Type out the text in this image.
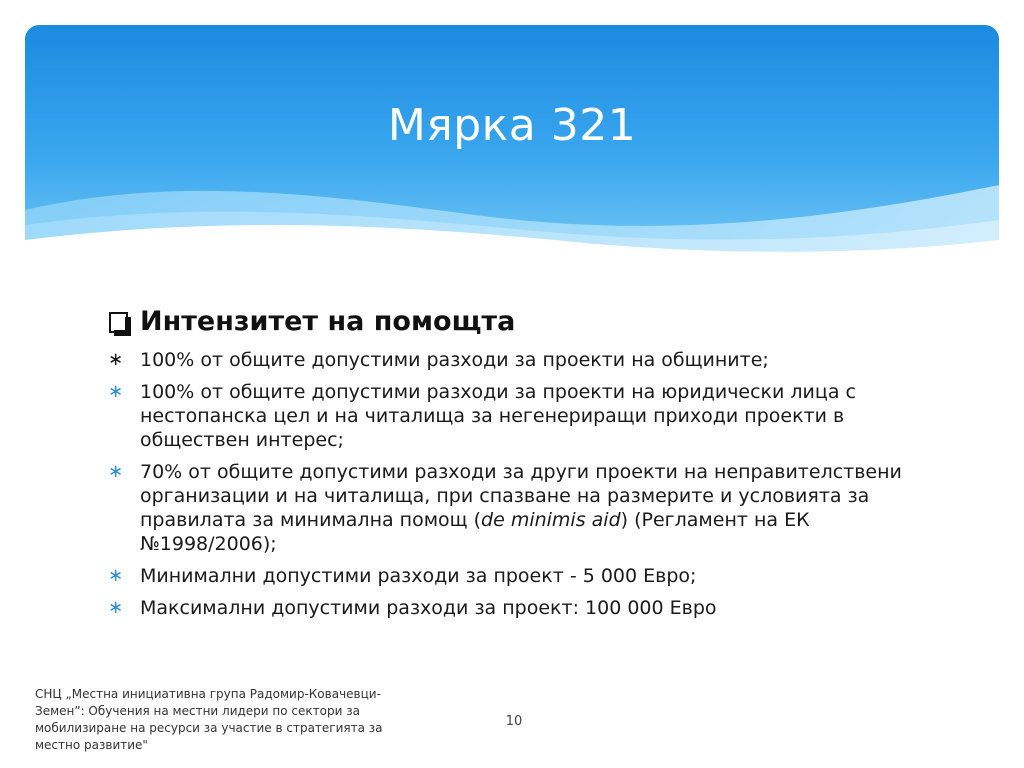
Мярка 321
Интензитет на помощта
∗ 100% от общите допустими разходи за проекти на общините;
∗ 100% от общите допустими разходи за проекти на юридически лица с нестопанска цел и на читалища за негенериращи приходи проекти в обществен интерес;
∗ 70% от общите допустими разходи за други проекти на неправителствени организации и на читалища, при спазване на размерите и условията за правилата за минимална помощ (de minimis aid) (Регламент на ЕК №1998/2006);
∗ Минимални допустими разходи за проект - 5 000 Евро;
∗ Максимални допустими разходи за проект: 100 000 Евро
СНЦ „Местна инициативна група Радомир-Ковачевци-Земен”: Обучения на местни лидери по сектори за мобилизиране на ресурси за участие в стратегията за местно развитие"
10
